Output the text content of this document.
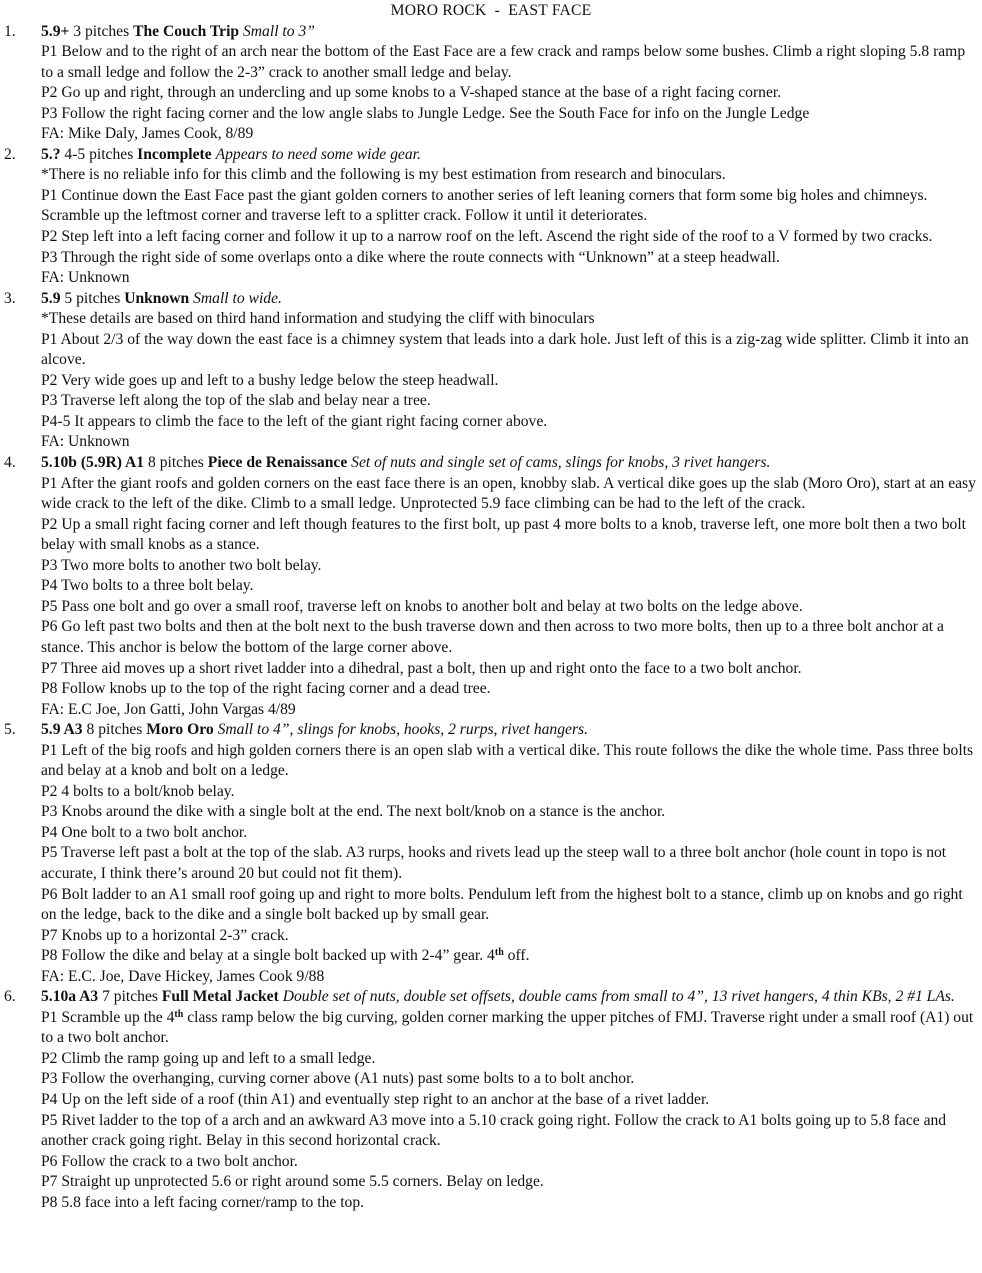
MORO ROCK  -  EAST FACE
1. 5.9+ 3 pitches The Couch Trip Small to 3”
P1 Below and to the right of an arch near the bottom of the East Face are a few crack and ramps below some bushes. Climb a right sloping 5.8 ramp to a small ledge and follow the 2-3” crack to another small ledge and belay.
P2 Go up and right, through an undercling and up some knobs to a V-shaped stance at the base of a right facing corner.
P3 Follow the right facing corner and the low angle slabs to Jungle Ledge. See the South Face for info on the Jungle Ledge
FA: Mike Daly, James Cook, 8/89
2. 5.? 4-5 pitches Incomplete Appears to need some wide gear.
*There is no reliable info for this climb and the following is my best estimation from research and binoculars.
P1 Continue down the East Face past the giant golden corners to another series of left leaning corners that form some big holes and chimneys. Scramble up the leftmost corner and traverse left to a splitter crack. Follow it until it deteriorates.
P2 Step left into a left facing corner and follow it up to a narrow roof on the left. Ascend the right side of the roof to a V formed by two cracks.
P3 Through the right side of some overlaps onto a dike where the route connects with “Unknown” at a steep headwall.
FA: Unknown
3. 5.9 5 pitches Unknown Small to wide.
*These details are based on third hand information and studying the cliff with binoculars
P1 About 2/3 of the way down the east face is a chimney system that leads into a dark hole. Just left of this is a zig-zag wide splitter. Climb it into an alcove.
P2 Very wide goes up and left to a bushy ledge below the steep headwall.
P3 Traverse left along the top of the slab and belay near a tree.
P4-5 It appears to climb the face to the left of the giant right facing corner above.
FA: Unknown
4. 5.10b (5.9R) A1 8 pitches Piece de Renaissance Set of nuts and single set of cams, slings for knobs, 3 rivet hangers.
P1 After the giant roofs and golden corners on the east face there is an open, knobby slab. A vertical dike goes up the slab (Moro Oro), start at an easy wide crack to the left of the dike. Climb to a small ledge. Unprotected 5.9 face climbing can be had to the left of the crack.
P2 Up a small right facing corner and left though features to the first bolt, up past 4 more bolts to a knob, traverse left, one more bolt then a two bolt belay with small knobs as a stance.
P3 Two more bolts to another two bolt belay.
P4 Two bolts to a three bolt belay.
P5 Pass one bolt and go over a small roof, traverse left on knobs to another bolt and belay at two bolts on the ledge above.
P6 Go left past two bolts and then at the bolt next to the bush traverse down and then across to two more bolts, then up to a three bolt anchor at a stance. This anchor is below the bottom of the large corner above.
P7 Three aid moves up a short rivet ladder into a dihedral, past a bolt, then up and right onto the face to a two bolt anchor.
P8 Follow knobs up to the top of the right facing corner and a dead tree.
FA: E.C Joe, Jon Gatti, John Vargas 4/89
5. 5.9 A3 8 pitches Moro Oro Small to 4”, slings for knobs, hooks, 2 rurps, rivet hangers.
P1 Left of the big roofs and high golden corners there is an open slab with a vertical dike. This route follows the dike the whole time. Pass three bolts and belay at a knob and bolt on a ledge.
P2 4 bolts to a bolt/knob belay.
P3 Knobs around the dike with a single bolt at the end. The next bolt/knob on a stance is the anchor.
P4 One bolt to a two bolt anchor.
P5 Traverse left past a bolt at the top of the slab. A3 rurps, hooks and rivets lead up the steep wall to a three bolt anchor (hole count in topo is not accurate, I think there’s around 20 but could not fit them).
P6 Bolt ladder to an A1 small roof going up and right to more bolts. Pendulum left from the highest bolt to a stance, climb up on knobs and go right on the ledge, back to the dike and a single bolt backed up by small gear.
P7 Knobs up to a horizontal 2-3” crack.
P8 Follow the dike and belay at a single bolt backed up with 2-4” gear. 4th off.
FA: E.C. Joe, Dave Hickey, James Cook 9/88
6. 5.10a A3 7 pitches Full Metal Jacket Double set of nuts, double set offsets, double cams from small to 4”, 13 rivet hangers, 4 thin KBs, 2 #1 LAs.
P1 Scramble up the 4th class ramp below the big curving, golden corner marking the upper pitches of FMJ. Traverse right under a small roof (A1) out to a two bolt anchor.
P2 Climb the ramp going up and left to a small ledge.
P3 Follow the overhanging, curving corner above (A1 nuts) past some bolts to a to bolt anchor.
P4 Up on the left side of a roof (thin A1) and eventually step right to an anchor at the base of a rivet ladder.
P5 Rivet ladder to the top of a arch and an awkward A3 move into a 5.10 crack going right. Follow the crack to A1 bolts going up to 5.8 face and another crack going right. Belay in this second horizontal crack.
P6 Follow the crack to a two bolt anchor.
P7 Straight up unprotected 5.6 or right around some 5.5 corners. Belay on ledge.
P8 5.8 face into a left facing corner/ramp to the top.
